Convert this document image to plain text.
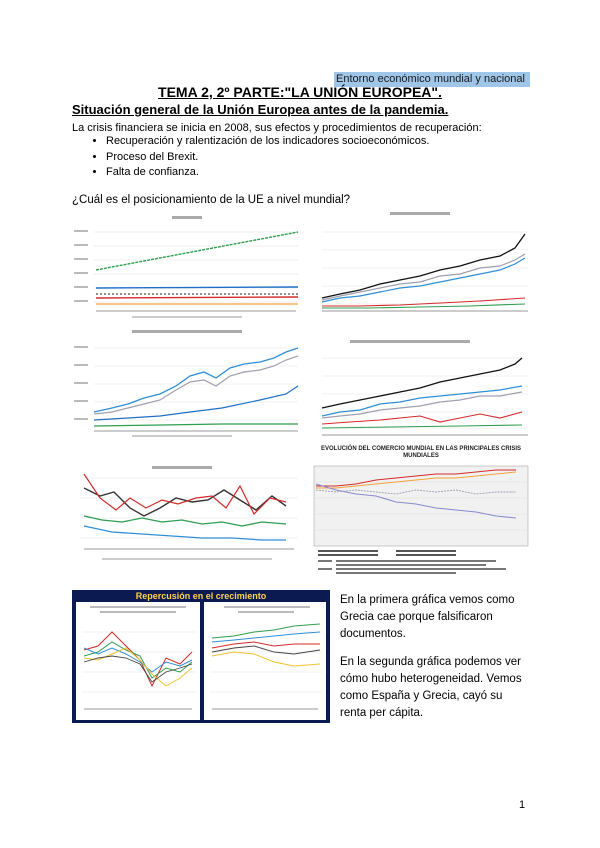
Entorno económico mundial y nacional
TEMA 2, 2º PARTE:"LA UNIÓN EUROPEA".
Situación general de la Unión Europea antes de la pandemia.
La crisis financiera se inicia en 2008, sus efectos y procedimientos de recuperación:
• Recuperación y ralentización de los indicadores socioeconómicos.
• Proceso del Brexit.
• Falta de confianza.
¿Cuál es el posicionamiento de la UE a nivel mundial?
EVOLUCIÓN DEL COMERCIO MUNDIAL EN LAS PRINCIPALES CRISIS MUNDIALES
Repercusión en el crecimiento	En la primera gráfica vemos como Grecia cae porque falsificaron documentos.
En la segunda gráfica podemos ver cómo hubo heterogeneidad. Vemos como España y Grecia, cayó su renta per cápita.
1
